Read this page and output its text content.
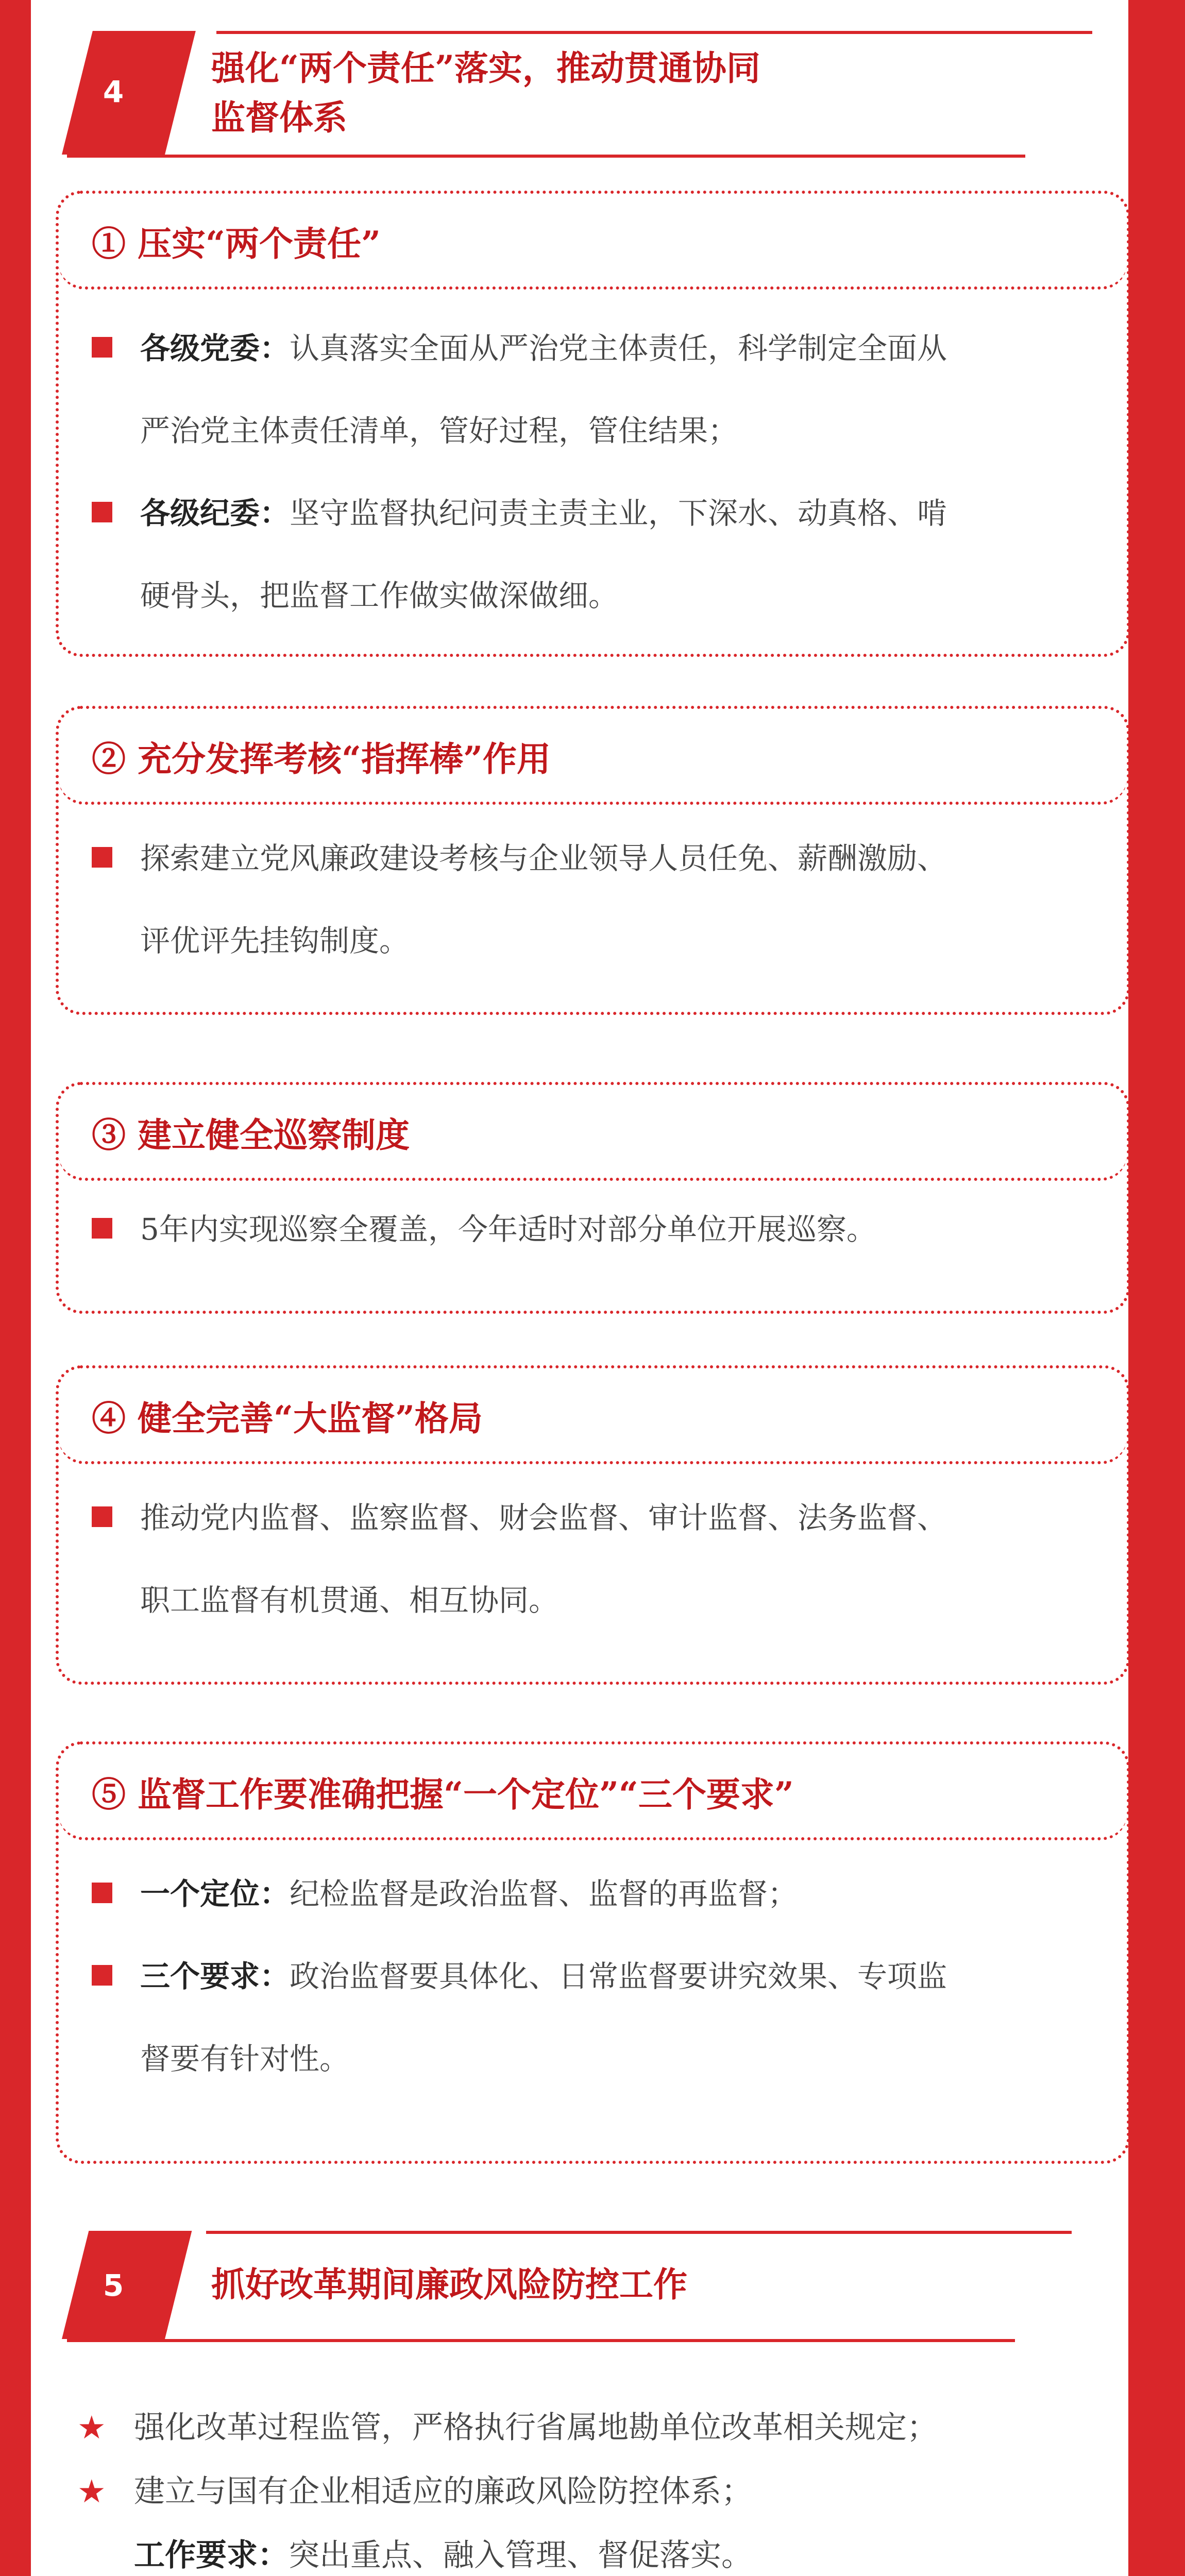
4
强化“两个责任”落实，推动贯通协同
监督体系
① 压实“两个责任”
各级党委：认真落实全面从严治党主体责任，科学制定全面从
严治党主体责任清单，管好过程，管住结果；
各级纪委：坚守监督执纪问责主责主业，下深水、动真格、啃
硬骨头，把监督工作做实做深做细。
② 充分发挥考核“指挥棒”作用
探索建立党风廉政建设考核与企业领导人员任免、薪酬激励、
评优评先挂钩制度。
③ 建立健全巡察制度
5年内实现巡察全覆盖，今年适时对部分单位开展巡察。
④ 健全完善“大监督”格局
推动党内监督、监察监督、财会监督、审计监督、法务监督、
职工监督有机贯通、相互协同。
⑤ 监督工作要准确把握“一个定位”“三个要求”
一个定位：纪检监督是政治监督、监督的再监督；
三个要求：政治监督要具体化、日常监督要讲究效果、专项监
督要有针对性。
5	抓好改革期间廉政风险防控工作
★ 强化改革过程监管，严格执行省属地勘单位改革相关规定；
★ 建立与国有企业相适应的廉政风险防控体系；
工作要求：突出重点、融入管理、督促落实。
